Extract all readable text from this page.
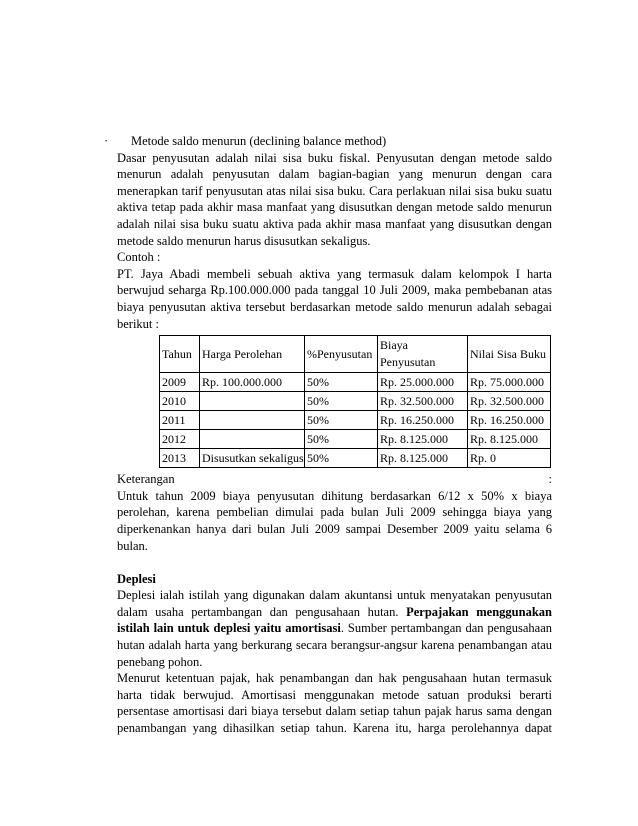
· Metode saldo menurun (declining balance method)

Dasar penyusutan adalah nilai sisa buku fiskal. Penyusutan dengan metode saldo menurun adalah penyusutan dalam bagian-bagian yang menurun dengan cara menerapkan tarif penyusutan atas nilai sisa buku. Cara perlakuan nilai sisa buku suatu aktiva tetap pada akhir masa manfaat yang disusutkan dengan metode saldo menurun adalah nilai sisa buku suatu aktiva pada akhir masa manfaat yang disusutkan dengan metode saldo menurun harus disusutkan sekaligus.

Contoh :

PT. Jaya Abadi membeli sebuah aktiva yang termasuk dalam kelompok I harta berwujud seharga Rp.100.000.000 pada tanggal 10 Juli 2009, maka pembebanan atas biaya penyusutan aktiva tersebut berdasarkan metode saldo menurun adalah sebagai berikut :

Tahun	Harga Perolehan	%Penyusutan	Biaya Penyusutan	Nilai Sisa Buku
2009	Rp. 100.000.000	50%	Rp. 25.000.000	Rp. 75.000.000
2010		50%	Rp. 32.500.000	Rp. 32.500.000
2011		50%	Rp. 16.250.000	Rp. 16.250.000
2012		50%	Rp. 8.125.000	Rp. 8.125.000
2013	Disusutkan sekaligus	50%	Rp. 8.125.000	Rp. 0
Keterangan	:

Untuk tahun 2009 biaya penyusutan dihitung berdasarkan 6/12 x 50% x biaya perolehan, karena pembelian dimulai pada bulan Juli 2009 sehingga biaya yang diperkenankan hanya dari bulan Juli 2009 sampai Desember 2009 yaitu selama 6 bulan.

Deplesi

Deplesi ialah istilah yang digunakan dalam akuntansi untuk menyatakan penyusutan dalam usaha pertambangan dan pengusahaan hutan. Perpajakan menggunakan istilah lain untuk deplesi yaitu amortisasi. Sumber pertambangan dan pengusahaan hutan adalah harta yang berkurang secara berangsur-angsur karena penambangan atau penebang pohon.

Menurut ketentuan pajak, hak penambangan dan hak pengusahaan hutan termasuk harta tidak berwujud. Amortisasi menggunakan metode satuan produksi berarti persentase amortisasi dari biaya tersebut dalam setiap tahun pajak harus sama dengan penambangan yang dihasilkan setiap tahun. Karena itu, harga perolehannya dapat
